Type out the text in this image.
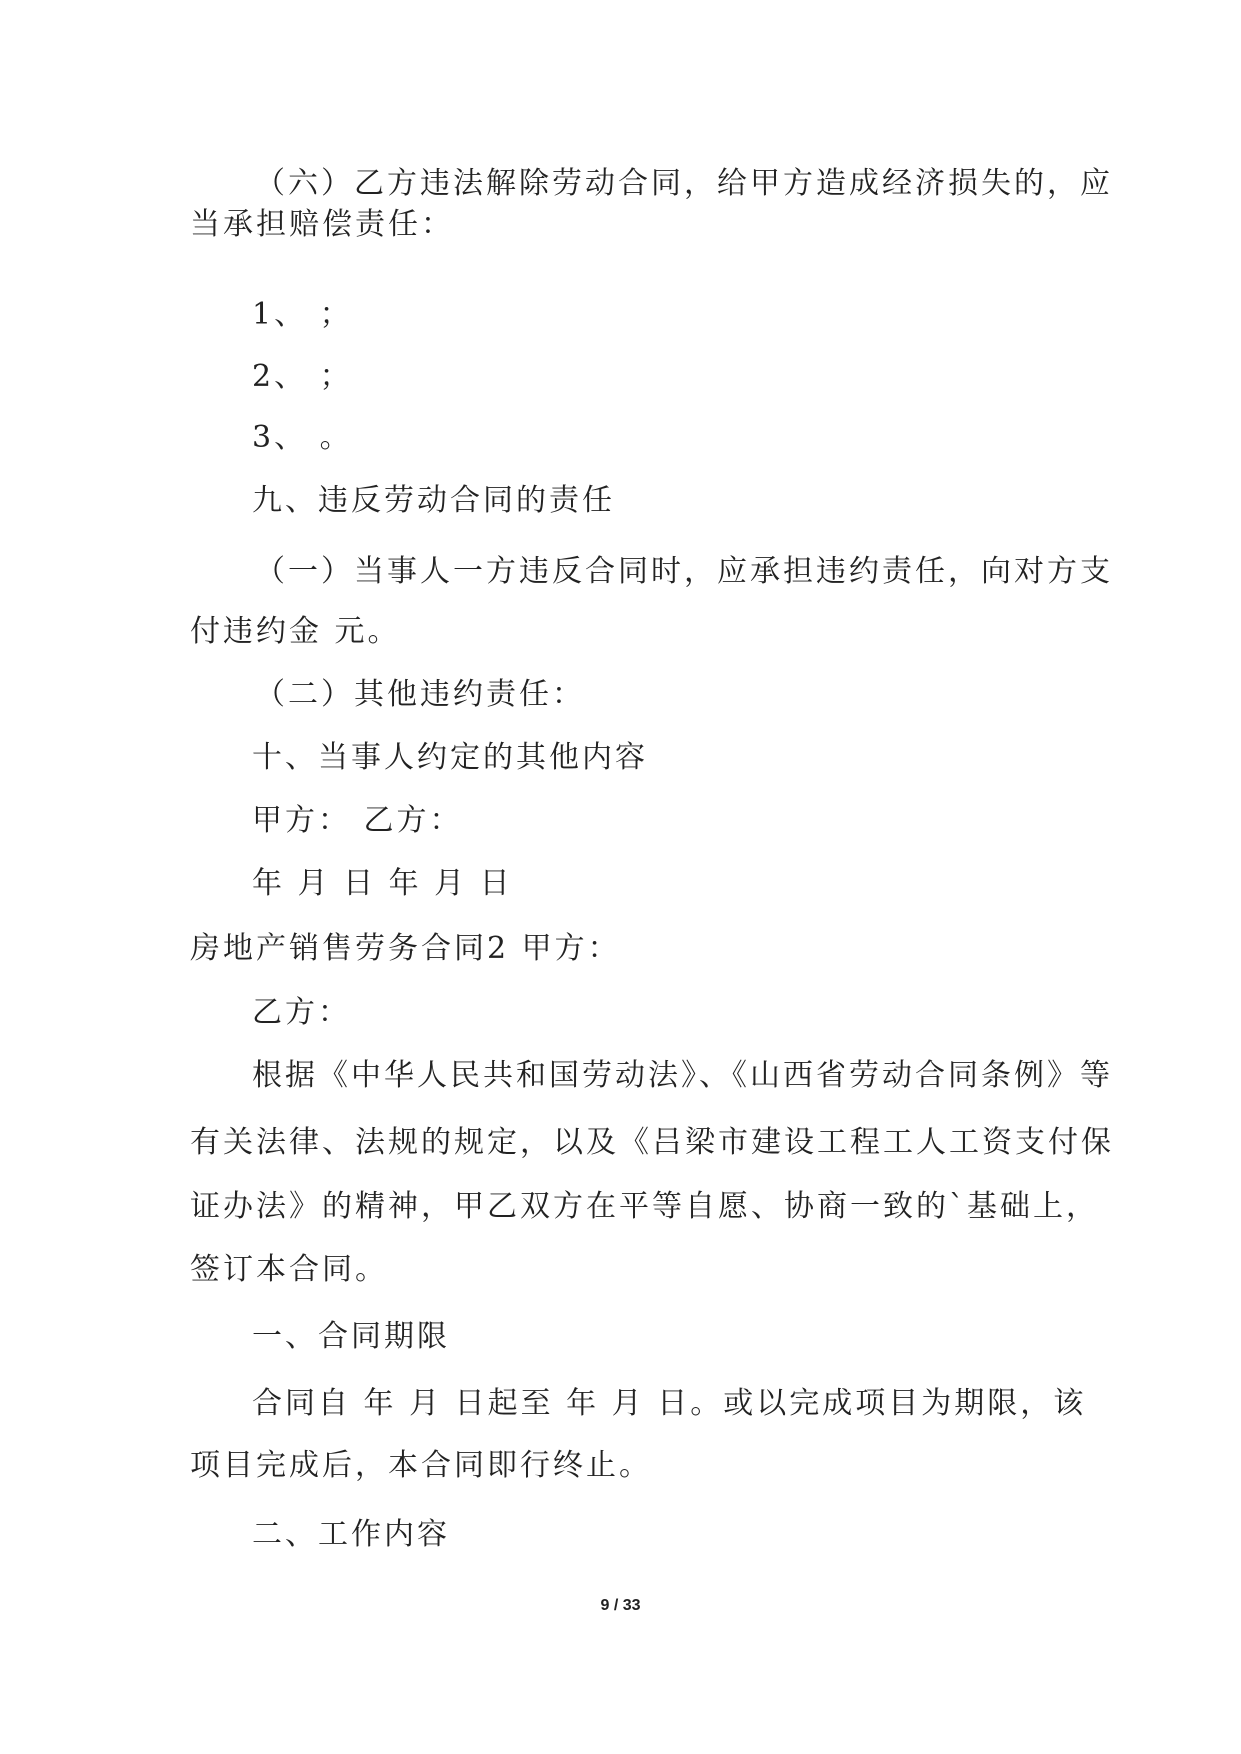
（六）乙方违法解除劳动合同，给甲方造成经济损失的，应
当承担赔偿责任：
1、 ；
2、 ；
3、 。
九、违反劳动合同的责任
（一）当事人一方违反合同时，应承担违约责任，向对方支
付违约金 元。
（二）其他违约责任：
十、当事人约定的其他内容
甲方： 乙方：
年 月 日 年 月 日
房地产销售劳务合同2 甲方：
乙方：
根据《中华人民共和国劳动法》、《山西省劳动合同条例》等
有关法律、法规的规定，以及《吕梁市建设工程工人工资支付保
证办法》的精神，甲乙双方在平等自愿、协商一致的`基础上，
签订本合同。
一、合同期限
合同自 年 月 日起至 年 月 日。或以完成项目为期限，该
项目完成后，本合同即行终止。
二、工作内容
9 / 33
